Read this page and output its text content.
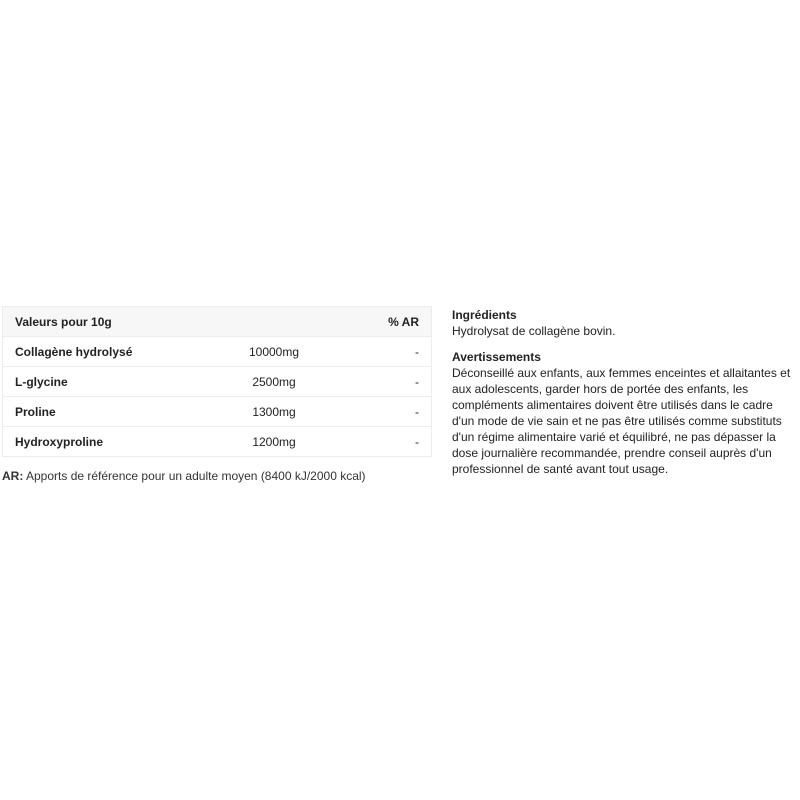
Valeurs pour 10g		% AR
Collagène hydrolysé	10000mg	-
L-glycine	2500mg	-
Proline	1300mg	-
Hydroxyproline	1200mg	-
AR: Apports de référence pour un adulte moyen (8400 kJ/2000 kcal)
Ingrédients

Hydrolysat de collagène bovin.

Avertissements

Déconseillé aux enfants, aux femmes enceintes et allaitantes et aux adolescents, garder hors de portée des enfants, les compléments alimentaires doivent être utilisés dans le cadre d'un mode de vie sain et ne pas être utilisés comme substituts d'un régime alimentaire varié et équilibré, ne pas dépasser la dose journalière recommandée, prendre conseil auprès d'un professionnel de santé avant tout usage.
